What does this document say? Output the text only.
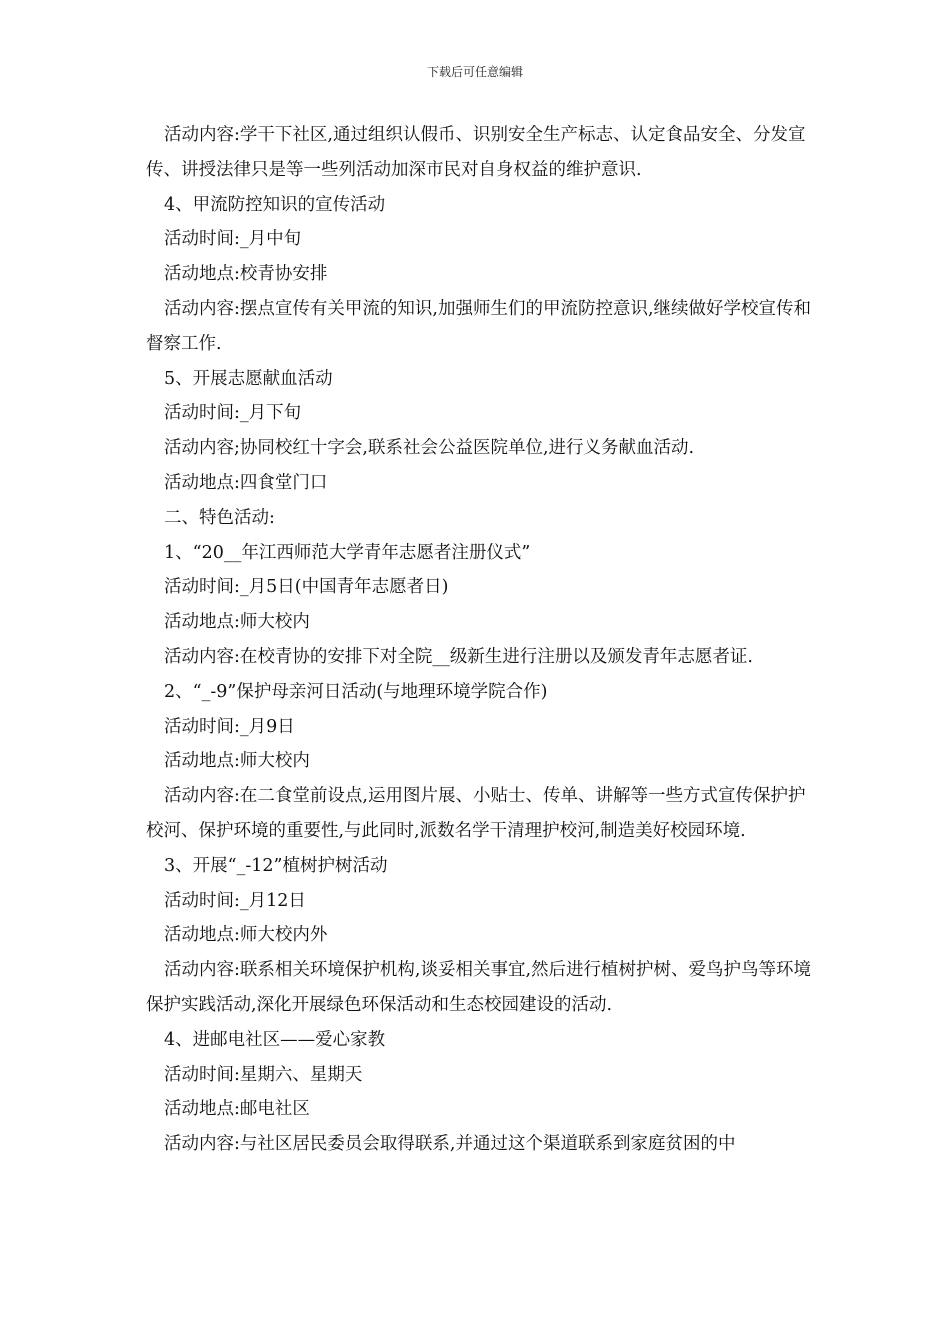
下载后可任意编辑

活动内容:学干下社区,通过组织认假币、识别安全生产标志、认定食品安全、分发宣传、讲授法律只是等一些列活动加深市民对自身权益的维护意识.

4、甲流防控知识的宣传活动

活动时间:_月中旬

活动地点:校青协安排

活动内容:摆点宣传有关甲流的知识,加强师生们的甲流防控意识,继续做好学校宣传和督察工作.

5、开展志愿献血活动

活动时间:_月下旬

活动内容;协同校红十字会,联系社会公益医院单位,进行义务献血活动.

活动地点:四食堂门口

二、特色活动:

1、“20__年江西师范大学青年志愿者注册仪式”

活动时间:_月5日(中国青年志愿者日)

活动地点:师大校内

活动内容:在校青协的安排下对全院__级新生进行注册以及颁发青年志愿者证.

2、“_-9”保护母亲河日活动(与地理环境学院合作)

活动时间:_月9日

活动地点:师大校内

活动内容:在二食堂前设点,运用图片展、小贴士、传单、讲解等一些方式宣传保护护校河、保护环境的重要性,与此同时,派数名学干清理护校河,制造美好校园环境.

3、开展“_-12”植树护树活动

活动时间:_月12日

活动地点:师大校内外

活动内容:联系相关环境保护机构,谈妥相关事宜,然后进行植树护树、爱鸟护鸟等环境保护实践活动,深化开展绿色环保活动和生态校园建设的活动.

4、进邮电社区——爱心家教

活动时间:星期六、星期天

活动地点:邮电社区

活动内容:与社区居民委员会取得联系,并通过这个渠道联系到家庭贫困的中
